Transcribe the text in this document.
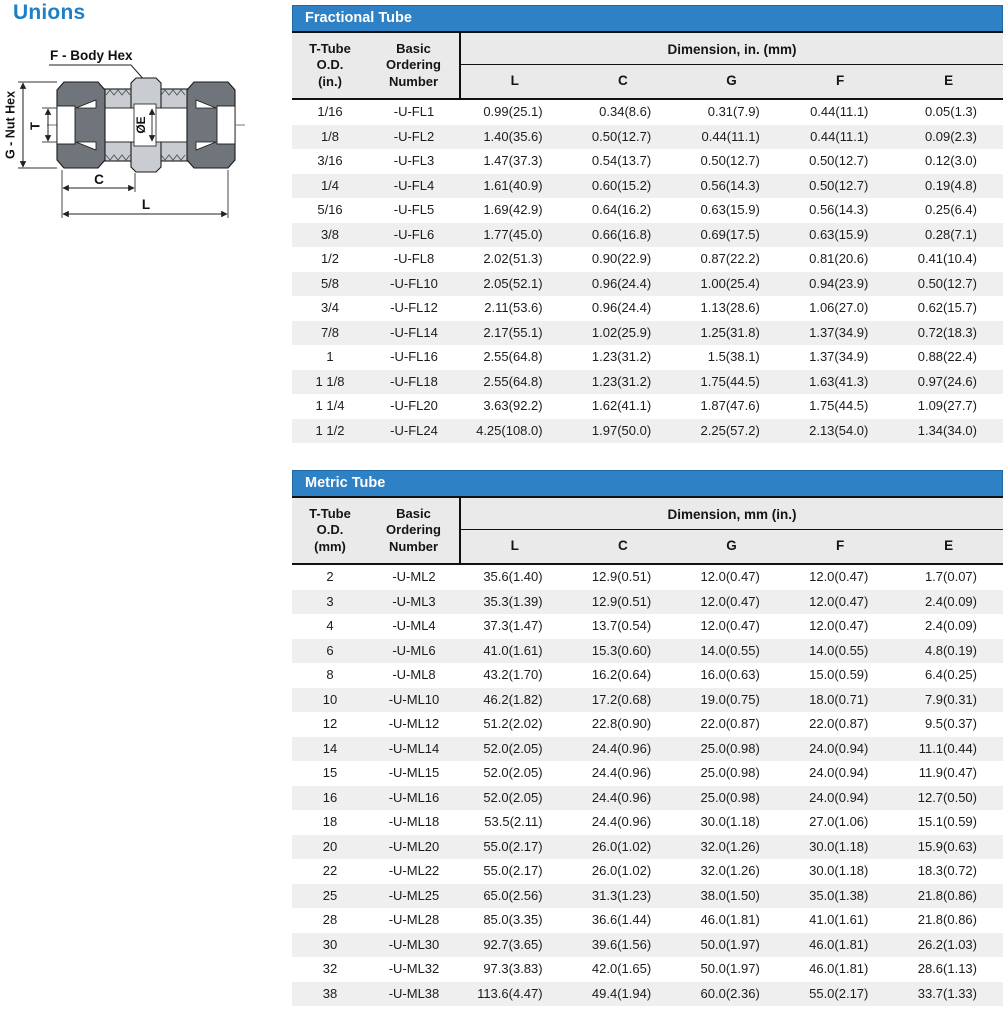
Unions
F - Body Hex
ØE
G - Nut Hex T
C
L
Fractional Tube
T-Tube
O.D.
(in.)

Basic
Ordering
Number
	Dimension, in. (mm)
		L	C	G	F	E
1/16	-U-FL1	0.99(25.1)	0.34(8.6)	0.31(7.9)	0.44(11.1)	0.05(1.3)
1/8	-U-FL2	1.40(35.6)	0.50(12.7)	0.44(11.1)	0.44(11.1)	0.09(2.3)
3/16	-U-FL3	1.47(37.3)	0.54(13.7)	0.50(12.7)	0.50(12.7)	0.12(3.0)
1/4	-U-FL4	1.61(40.9)	0.60(15.2)	0.56(14.3)	0.50(12.7)	0.19(4.8)
5/16	-U-FL5	1.69(42.9)	0.64(16.2)	0.63(15.9)	0.56(14.3)	0.25(6.4)
3/8	-U-FL6	1.77(45.0)	0.66(16.8)	0.69(17.5)	0.63(15.9)	0.28(7.1)
1/2	-U-FL8	2.02(51.3)	0.90(22.9)	0.87(22.2)	0.81(20.6)	0.41(10.4)
5/8	-U-FL10	2.05(52.1)	0.96(24.4)	1.00(25.4)	0.94(23.9)	0.50(12.7)
3/4	-U-FL12	2.11(53.6)	0.96(24.4)	1.13(28.6)	1.06(27.0)	0.62(15.7)
7/8	-U-FL14	2.17(55.1)	1.02(25.9)	1.25(31.8)	1.37(34.9)	0.72(18.3)
1	-U-FL16	2.55(64.8)	1.23(31.2)	1.5(38.1)	1.37(34.9)	0.88(22.4)
1 1/8	-U-FL18	2.55(64.8)	1.23(31.2)	1.75(44.5)	1.63(41.3)	0.97(24.6)
1 1/4	-U-FL20	3.63(92.2)	1.62(41.1)	1.87(47.6)	1.75(44.5)	1.09(27.7)
1 1/2	-U-FL24	4.25(108.0)	1.97(50.0)	2.25(57.2)	2.13(54.0)	1.34(34.0)
Metric Tube
T-Tube
O.D.
(mm)

Basic
Ordering
Number
	Dimension, mm (in.)
		L	C	G	F	E
2	-U-ML2	35.6(1.40)	12.9(0.51)	12.0(0.47)	12.0(0.47)	1.7(0.07)
3	-U-ML3	35.3(1.39)	12.9(0.51)	12.0(0.47)	12.0(0.47)	2.4(0.09)
4	-U-ML4	37.3(1.47)	13.7(0.54)	12.0(0.47)	12.0(0.47)	2.4(0.09)
6	-U-ML6	41.0(1.61)	15.3(0.60)	14.0(0.55)	14.0(0.55)	4.8(0.19)
8	-U-ML8	43.2(1.70)	16.2(0.64)	16.0(0.63)	15.0(0.59)	6.4(0.25)
10	-U-ML10	46.2(1.82)	17.2(0.68)	19.0(0.75)	18.0(0.71)	7.9(0.31)
12	-U-ML12	51.2(2.02)	22.8(0.90)	22.0(0.87)	22.0(0.87)	9.5(0.37)
14	-U-ML14	52.0(2.05)	24.4(0.96)	25.0(0.98)	24.0(0.94)	11.1(0.44)
15	-U-ML15	52.0(2.05)	24.4(0.96)	25.0(0.98)	24.0(0.94)	11.9(0.47)
16	-U-ML16	52.0(2.05)	24.4(0.96)	25.0(0.98)	24.0(0.94)	12.7(0.50)
18	-U-ML18	53.5(2.11)	24.4(0.96)	30.0(1.18)	27.0(1.06)	15.1(0.59)
20	-U-ML20	55.0(2.17)	26.0(1.02)	32.0(1.26)	30.0(1.18)	15.9(0.63)
22	-U-ML22	55.0(2.17)	26.0(1.02)	32.0(1.26)	30.0(1.18)	18.3(0.72)
25	-U-ML25	65.0(2.56)	31.3(1.23)	38.0(1.50)	35.0(1.38)	21.8(0.86)
28	-U-ML28	85.0(3.35)	36.6(1.44)	46.0(1.81)	41.0(1.61)	21.8(0.86)
30	-U-ML30	92.7(3.65)	39.6(1.56)	50.0(1.97)	46.0(1.81)	26.2(1.03)
32	-U-ML32	97.3(3.83)	42.0(1.65)	50.0(1.97)	46.0(1.81)	28.6(1.13)
38	-U-ML38	113.6(4.47)	49.4(1.94)	60.0(2.36)	55.0(2.17)	33.7(1.33)
